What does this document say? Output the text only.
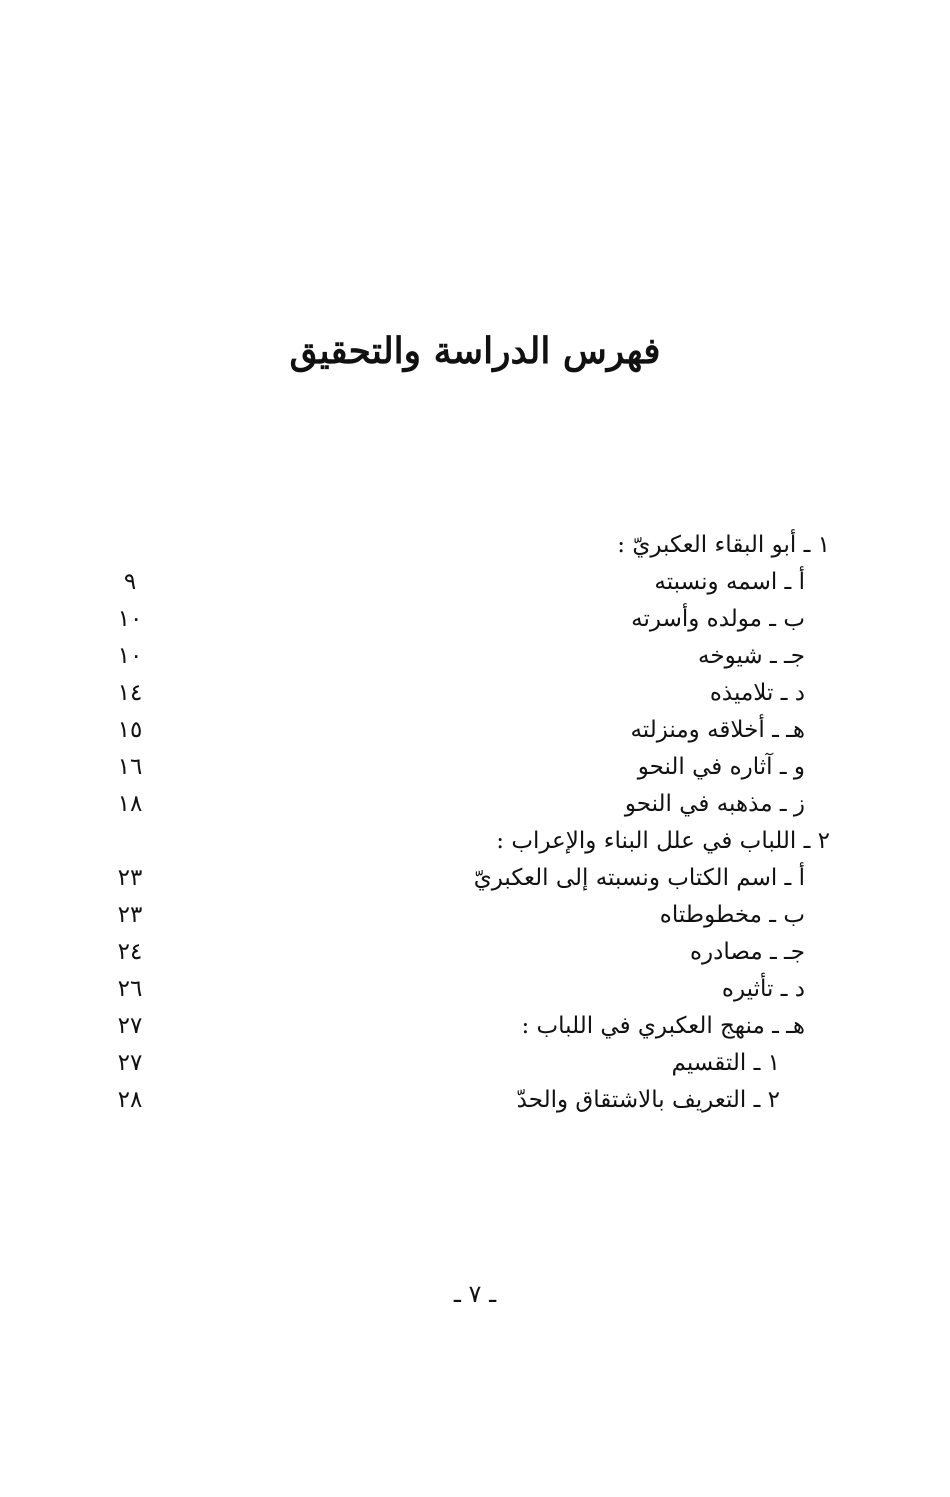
فهرس الدراسة والتحقيق
١ ـ أبو البقاء العكبريّ :
أ ـ اسمه ونسبته
٩
ب ـ مولده وأسرته
١٠
جـ ـ شيوخه
١٠
د ـ تلاميذه
١٤
هـ ـ أخلاقه ومنزلته
١٥
و ـ آثاره في النحو
١٦
ز ـ مذهبه في النحو
١٨
٢ ـ اللباب في علل البناء والإعراب :
أ ـ اسم الكتاب ونسبته إلى العكبريّ
٢٣
ب ـ مخطوطتاه
٢٣
جـ ـ مصادره
٢٤
د ـ تأثيره
٢٦
هـ ـ منهج العكبري في اللباب :
٢٧
١ ـ التقسيم
٢٧
٢ ـ التعريف بالاشتقاق والحدّ
٢٨
ـ ٧ ـ
